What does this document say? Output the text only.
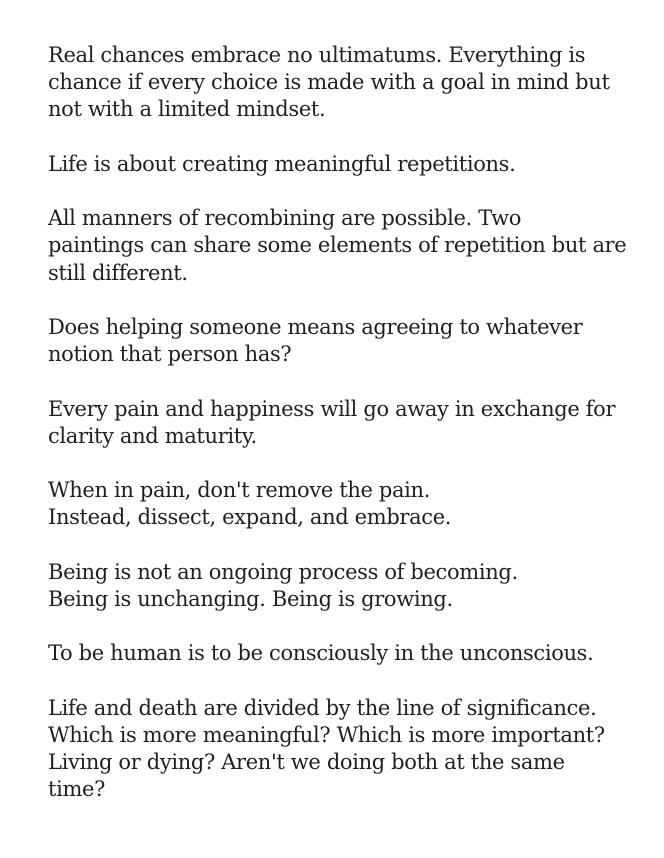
Real chances embrace no ultimatums. Everything is
chance if every choice is made with a goal in mind but
not with a limited mindset.

Life is about creating meaningful repetitions.

All manners of recombining are possible. Two
paintings can share some elements of repetition but are
still different.

Does helping someone means agreeing to whatever
notion that person has?

Every pain and happiness will go away in exchange for
clarity and maturity.

When in pain, don't remove the pain.
Instead, dissect, expand, and embrace.

Being is not an ongoing process of becoming.
Being is unchanging. Being is growing.

To be human is to be consciously in the unconscious.

Life and death are divided by the line of significance.
Which is more meaningful? Which is more important?
Living or dying? Aren't we doing both at the same
time?
